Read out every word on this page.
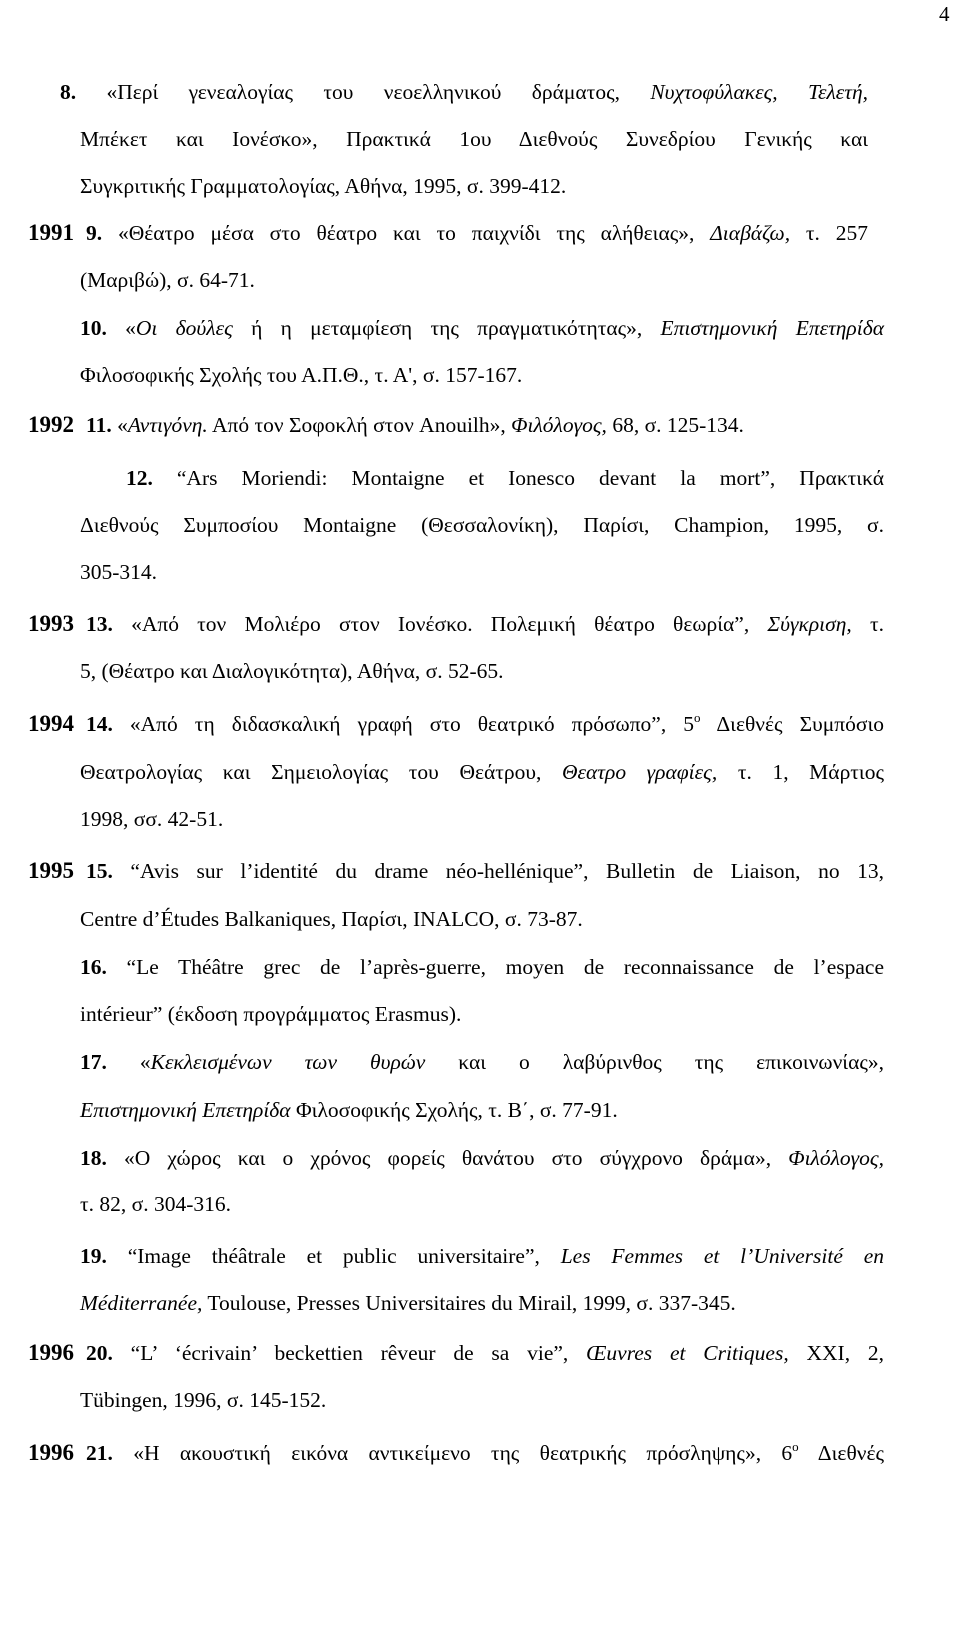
4
8. «Περί γενεαλογίας του νεοελληνικού δράματος, Νυχτοφύλακες, Τελετή,
Μπέκετ και Ιονέσκο», Πρακτικά 1ου Διεθνούς Συνεδρίου Γενικής και
Συγκριτικής Γραμματολογίας, Αθήνα, 1995, σ. 399-412.
1991 9. «Θέατρο μέσα στο θέατρο και το παιχνίδι της αλήθειας», Διαβάζω, τ. 257
(Μαριβώ), σ. 64-71.
10. «Οι δούλες ή η μεταμφίεση της πραγματικότητας», Επιστημονική Επετηρίδα
Φιλοσοφικής Σχολής του Α.Π.Θ., τ. Α', σ. 157-167.
1992 11. «Αντιγόνη. Από τον Σοφοκλή στον Anouilh», Φιλόλογος, 68, σ. 125-134.
12. “Ars Moriendi: Montaigne et Ionesco devant la mort”, Πρακτικά
Διεθνούς Συμποσίου Montaigne (Θεσσαλονίκη), Παρίσι, Champion, 1995, σ.
305-314.
1993 13. «Από τον Μολιέρο στον Ιονέσκο. Πολεμική θέατρο θεωρία”, Σύγκριση, τ.
5, (Θέατρο και Διαλογικότητα), Αθήνα, σ. 52-65.
1994 14. «Από τη διδασκαλική γραφή στο θεατρικό πρόσωπο”, $5^o$ Διεθνές Συμπόσιο
Θεατρολογίας και Σημειολογίας του Θεάτρου, Θεατρο γραφίες, τ. 1, Μάρτιος
1998, σσ. 42-51.
1995 15. “Avis sur l’identité du drame néo-hellénique”, Bulletin de Liaison, no 13,
Centre d’Études Balkaniques, Παρίσι, INALCO, σ. 73-87.
16. “Le Théâtre grec de l’après-guerre, moyen de reconnaissance de l’espace
intérieur” (έκδοση προγράμματος Erasmus).
17. «Κεκλεισμένων των θυρών και ο λαβύρινθος της επικοινωνίας»,
Επιστημονική Επετηρίδα Φιλοσοφικής Σχολής, τ. Β΄, σ. 77-91.
18. «Ο χώρος και ο χρόνος φορείς θανάτου στο σύγχρονο δράμα», Φιλόλογος,
τ. 82, σ. 304-316.
19. “Image théâtrale et public universitaire”, Les Femmes et l’Université en
Méditerranée, Toulouse, Presses Universitaires du Mirail, 1999, σ. 337-345.
1996 20. “L’ ‘écrivain’ beckettien rêveur de sa vie”, Œuvres et Critiques, XXI, 2,
Tübingen, 1996, σ. 145-152.
1996 21. «Η ακουστική εικόνα αντικείμενο της θεατρικής πρόσληψης», $6^o$ Διεθνές
